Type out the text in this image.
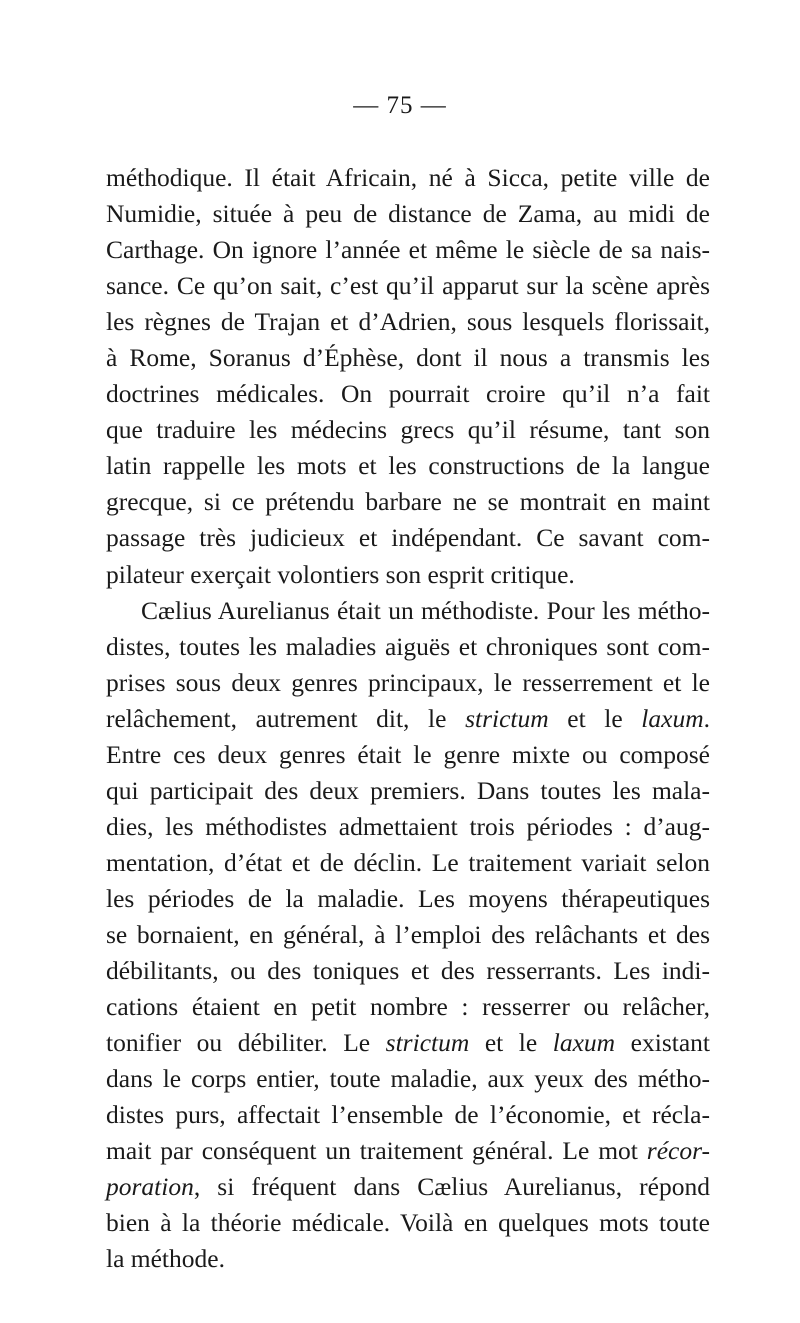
— 75 —
méthodique. Il était Africain, né à Sicca, petite ville de
Numidie, située à peu de distance de Zama, au midi de
Carthage. On ignore l’année et même le siècle de sa nais-
sance. Ce qu’on sait, c’est qu’il apparut sur la scène après
les règnes de Trajan et d’Adrien, sous lesquels florissait,
à Rome, Soranus d’Éphèse, dont il nous a transmis les
doctrines médicales. On pourrait croire qu’il n’a fait
que traduire les médecins grecs qu’il résume, tant son
latin rappelle les mots et les constructions de la langue
grecque, si ce prétendu barbare ne se montrait en maint
passage très judicieux et indépendant. Ce savant com-
pilateur exerçait volontiers son esprit critique.
Cælius Aurelianus était un méthodiste. Pour les métho-
distes, toutes les maladies aiguës et chroniques sont com-
prises sous deux genres principaux, le resserrement et le
relâchement, autrement dit, le strictum et le laxum.
Entre ces deux genres était le genre mixte ou composé
qui participait des deux premiers. Dans toutes les mala-
dies, les méthodistes admettaient trois périodes : d’aug-
mentation, d’état et de déclin. Le traitement variait selon
les périodes de la maladie. Les moyens thérapeutiques
se bornaient, en général, à l’emploi des relâchants et des
débilitants, ou des toniques et des resserrants. Les indi-
cations étaient en petit nombre : resserrer ou relâcher,
tonifier ou débiliter. Le strictum et le laxum existant
dans le corps entier, toute maladie, aux yeux des métho-
distes purs, affectait l’ensemble de l’économie, et récla-
mait par conséquent un traitement général. Le mot récor-
poration, si fréquent dans Cælius Aurelianus, répond
bien à la théorie médicale. Voilà en quelques mots toute
la méthode.
